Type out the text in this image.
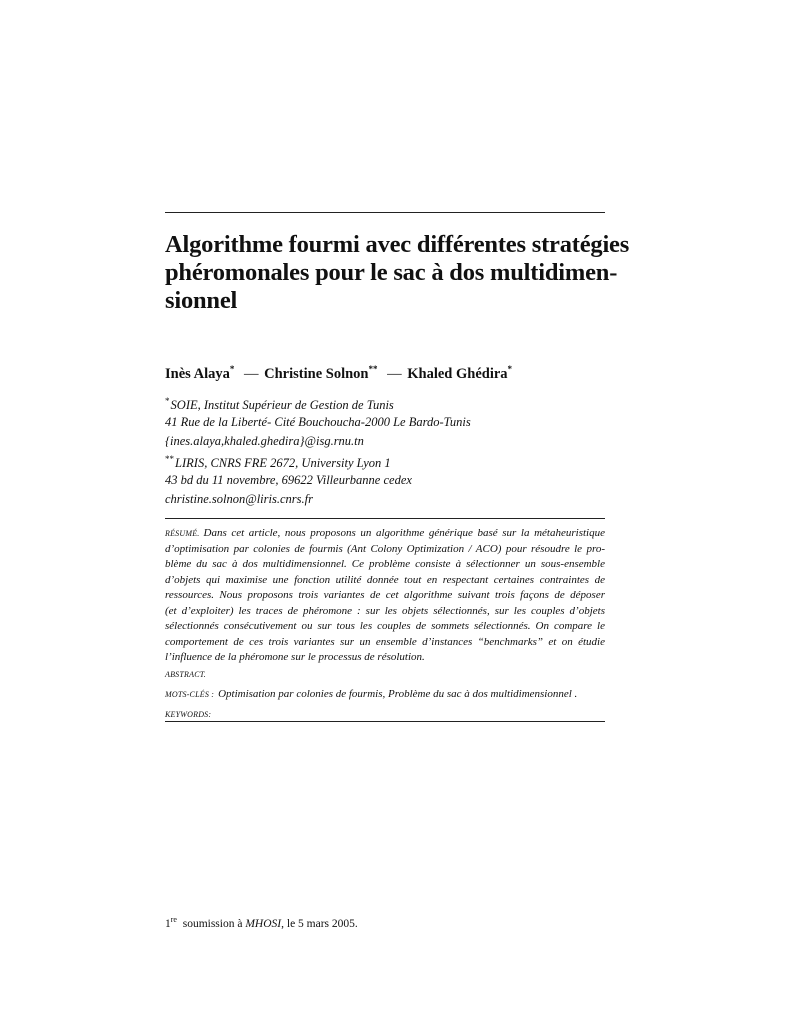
Algorithme fourmi avec différentes stratégies
phéromonales pour le sac à dos multidimen-
sionnel
Inès Alaya* — Christine Solnon** — Khaled Ghédira*
* SOIE, Institut Supérieur de Gestion de Tunis
41 Rue de la Liberté- Cité Bouchoucha-2000 Le Bardo-Tunis
{ines.alaya,khaled.ghedira}@isg.rnu.tn
** LIRIS, CNRS FRE 2672, University Lyon 1
43 bd du 11 novembre, 69622 Villeurbanne cedex
christine.solnon@liris.cnrs.fr
RÉSUMÉ. Dans cet article, nous proposons un algorithme générique basé sur la métaheuristique
d’optimisation par colonies de fourmis (Ant Colony Optimization / ACO) pour résoudre le pro-
blème du sac à dos multidimensionnel. Ce problème consiste à sélectionner un sous-ensemble
d’objets qui maximise une fonction utilité donnée tout en respectant certaines contraintes de
ressources. Nous proposons trois variantes de cet algorithme suivant trois façons de déposer
(et d’exploiter) les traces de phéromone : sur les objets sélectionnés, sur les couples d’objets
sélectionnés consécutivement ou sur tous les couples de sommets sélectionnés. On compare le
comportement de ces trois variantes sur un ensemble d’instances “benchmarks” et on étudie
l’influence de la phéromone sur le processus de résolution.
ABSTRACT.
MOTS-CLÉS : Optimisation par colonies de fourmis, Problème du sac à dos multidimensionnel .
KEYWORDS:
1re soumission à MHOSI, le 5 mars 2005.
